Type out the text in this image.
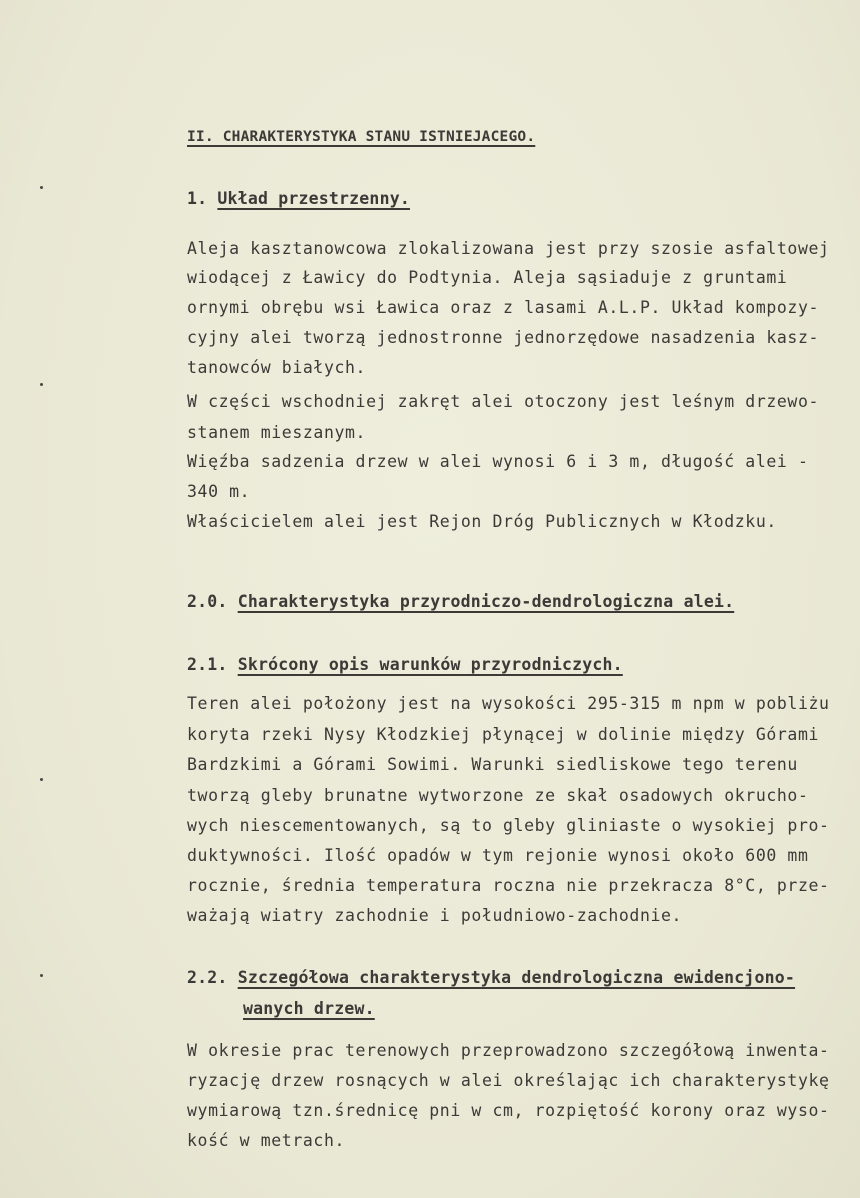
II. CHARAKTERYSTYKA STANU ISTNIEJACEGO.
1. Układ przestrzenny.
Aleja kasztanowcowa zlokalizowana jest przy szosie asfaltowej
wiodącej z Ławicy do Podtynia. Aleja sąsiaduje z gruntami
ornymi obrębu wsi Ławica oraz z lasami A.L.P. Układ kompozy-
cyjny alei tworzą jednostronne jednorzędowe nasadzenia kasz-
tanowców białych.
W części wschodniej zakręt alei otoczony jest leśnym drzewo-
stanem mieszanym.
Więźba sadzenia drzew w alei wynosi 6 i 3 m, długość alei -
340 m.
Właścicielem alei jest Rejon Dróg Publicznych w Kłodzku.
2.0. Charakterystyka przyrodniczo-dendrologiczna alei.
2.1. Skrócony opis warunków przyrodniczych.
Teren alei położony jest na wysokości 295-315 m npm w pobliżu
koryta rzeki Nysy Kłodzkiej płynącej w dolinie między Górami
Bardzkimi a Górami Sowimi. Warunki siedliskowe tego terenu
tworzą gleby brunatne wytworzone ze skał osadowych okrucho-
wych niescementowanych, są to gleby gliniaste o wysokiej pro-
duktywności. Ilość opadów w tym rejonie wynosi około 600 mm
rocznie, średnia temperatura roczna nie przekracza 8°C, prze-
ważają wiatry zachodnie i południowo-zachodnie.
2.2. Szczegółowa charakterystyka dendrologiczna ewidencjono-
wanych drzew.
W okresie prac terenowych przeprowadzono szczegółową inwenta-
ryzację drzew rosnących w alei określając ich charakterystykę
wymiarową tzn.średnicę pni w cm, rozpiętość korony oraz wyso-
kość w metrach.
